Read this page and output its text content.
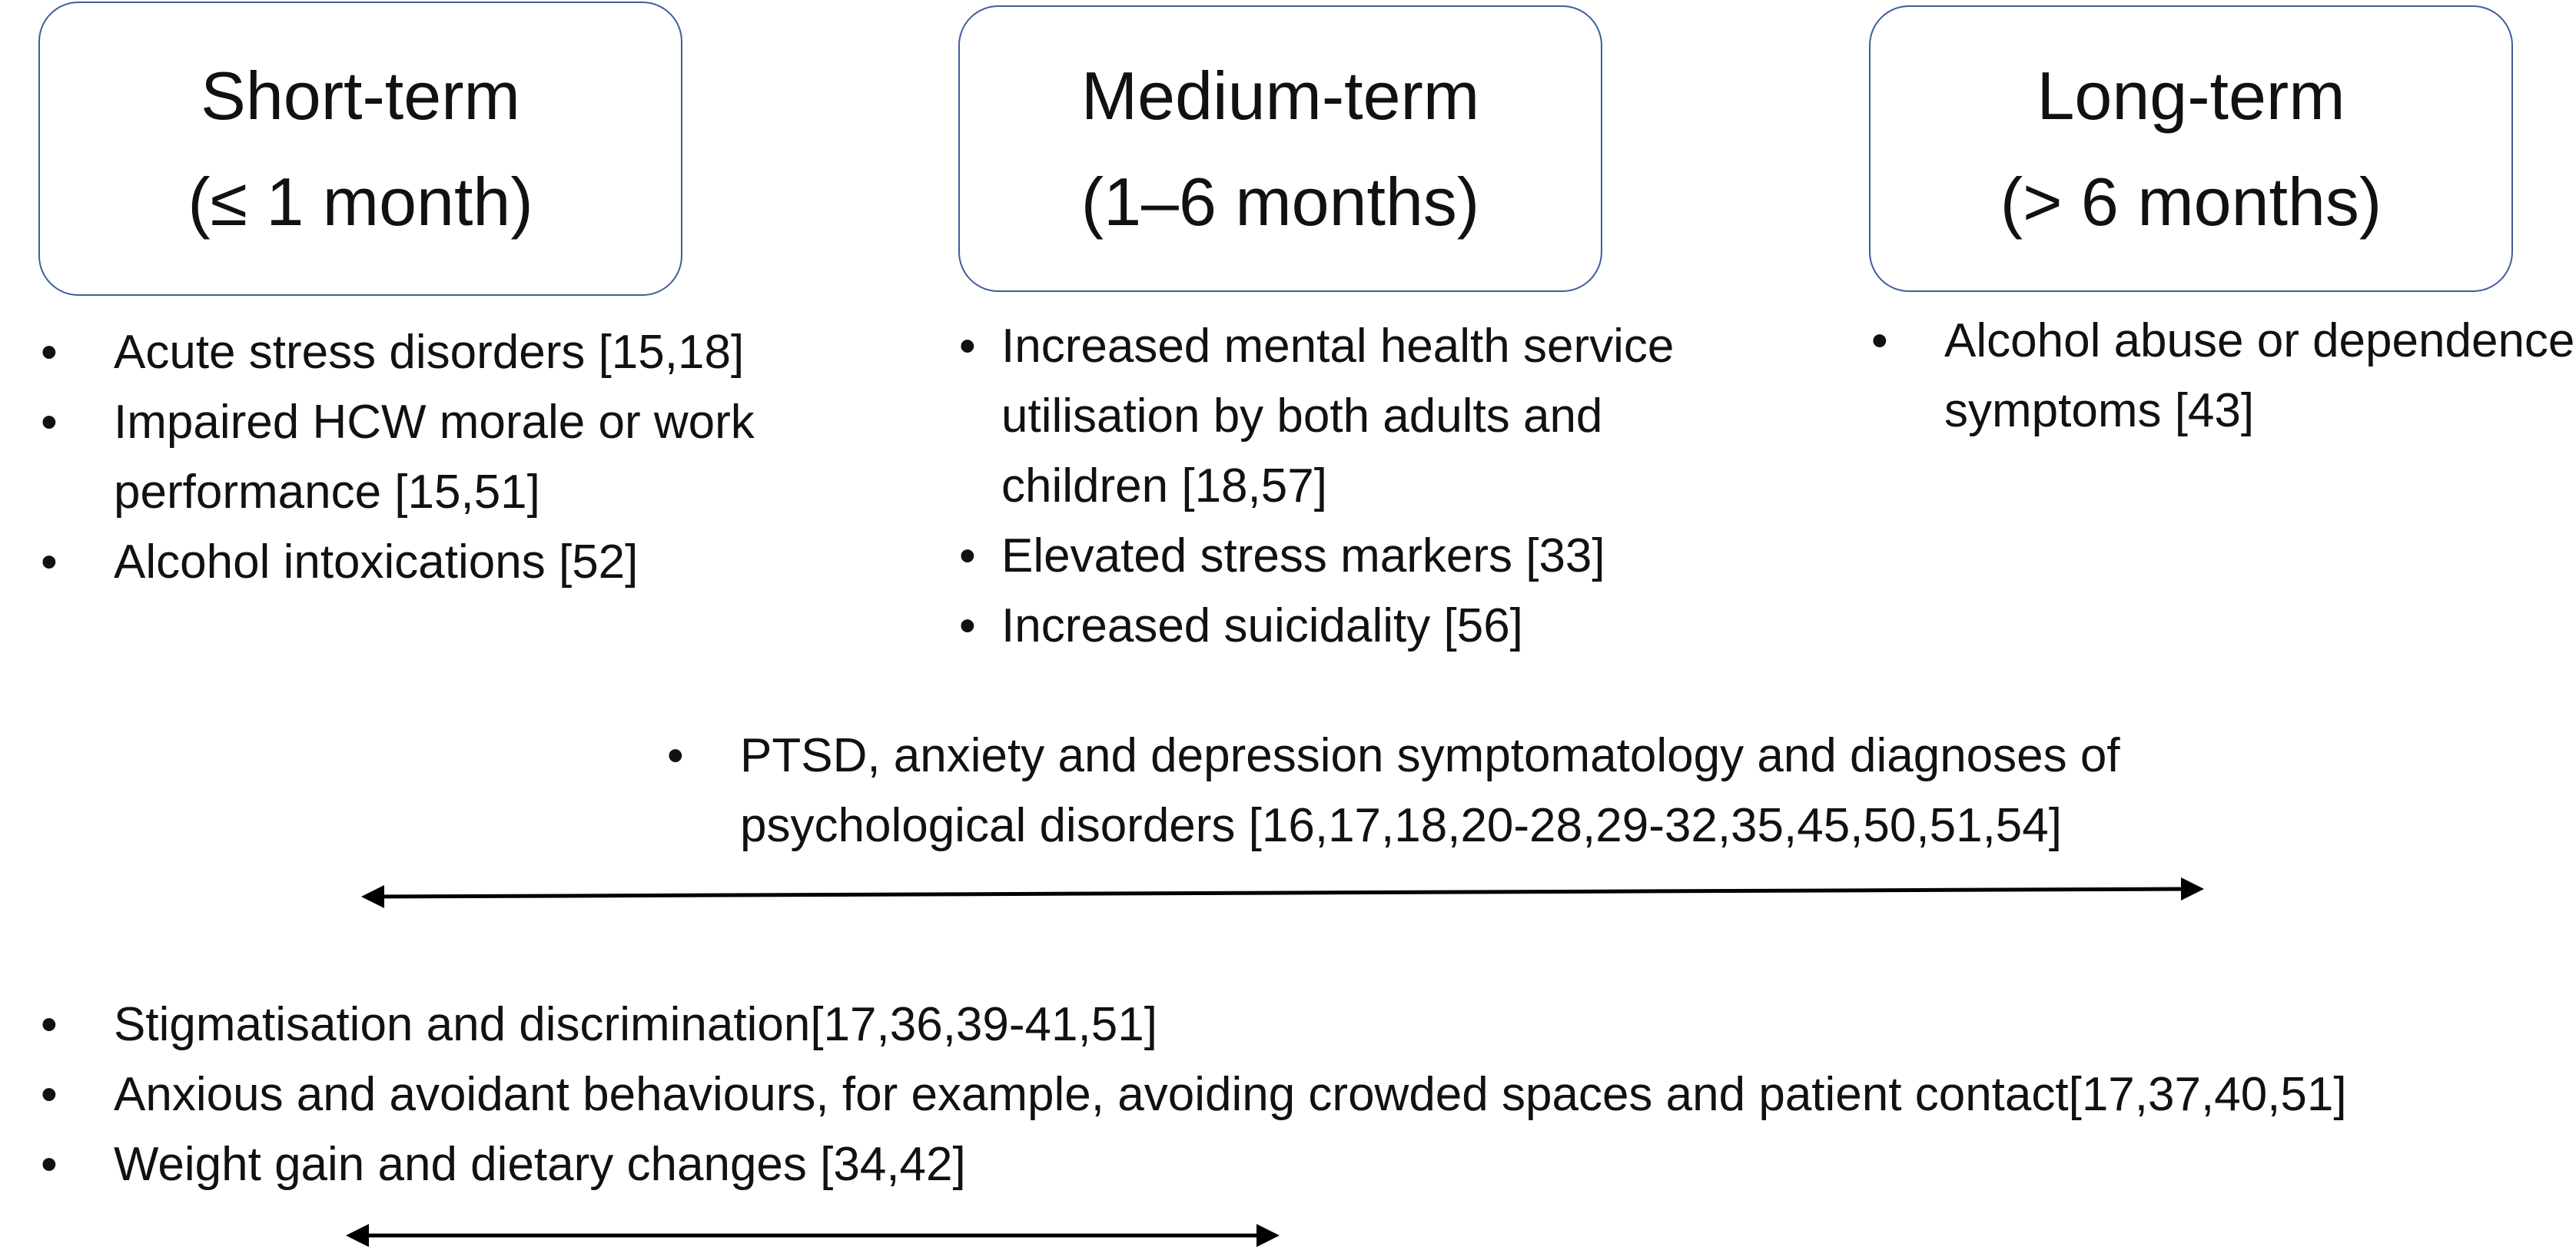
Short-term
(≤ 1 month)
Medium-term
(1–6 months)
Long-term
(> 6 months)
• Acute stress disorders [15,18]
• Impaired HCW morale or work performance [15,51]
• Alcohol intoxications [52]
• Increased mental health service utilisation by both adults and children [18,57]
• Elevated stress markers [33]
• Increased suicidality [56]
• Alcohol abuse or dependence symptoms [43]
• PTSD, anxiety and depression symptomatology and diagnoses of psychological disorders [16,17,18,20-28,29-32,35,45,50,51,54]
• Stigmatisation and discrimination[17,36,39-41,51]
• Anxious and avoidant behaviours, for example, avoiding crowded spaces and patient contact[17,37,40,51]
• Weight gain and dietary changes [34,42]
